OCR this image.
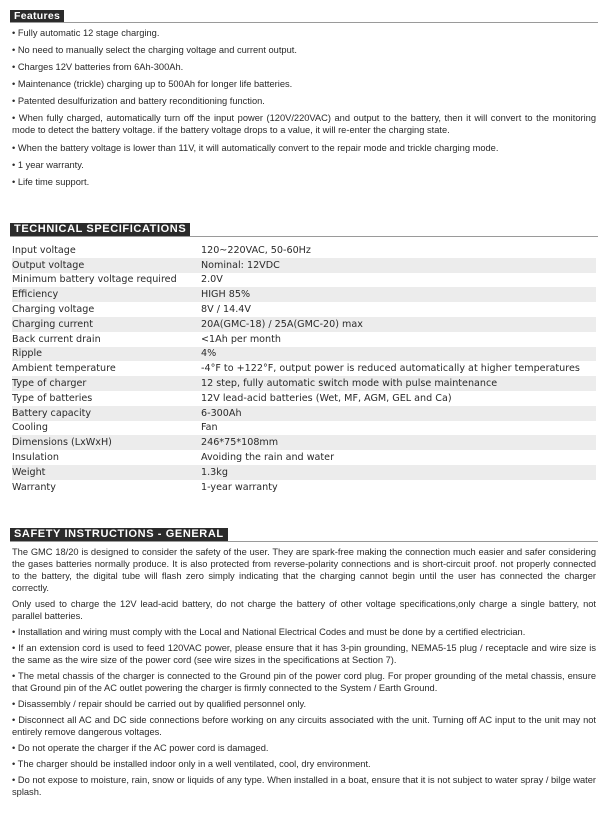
Features
• Fully automatic 12 stage charging.
• No need to manually select the charging voltage and current output.
• Charges 12V batteries from 6Ah-300Ah.
• Maintenance (trickle) charging up to 500Ah for longer life batteries.
• Patented desulfurization and battery reconditioning function.
• When fully charged, automatically turn off the input power (120V/220VAC) and output to the battery, then it will convert to the monitoring mode to detect the battery voltage. if the battery voltage drops to a value, it will re-enter the charging state.
• When the battery voltage is lower than 11V, it will automatically convert to the repair mode and trickle charging mode.
• 1 year warranty.
• Life time support.
TECHNICAL SPECIFICATIONS
Input voltage	120~220VAC, 50-60Hz
Output voltage	Nominal: 12VDC
Minimum battery voltage required	2.0V
Efficiency	HIGH 85%
Charging voltage	8V / 14.4V
Charging current	20A(GMC-18) / 25A(GMC-20) max
Back current drain	<1Ah per month
Ripple	4%
Ambient temperature	-4°F to +122°F, output power is reduced automatically at higher temperatures
Type of charger	12 step, fully automatic switch mode with pulse maintenance
Type of batteries	12V lead-acid batteries (Wet, MF, AGM, GEL and Ca)
Battery capacity	6-300Ah
Cooling	Fan
Dimensions (LxWxH)	246*75*108mm
Insulation	Avoiding the rain and water
Weight	1.3kg
Warranty	1-year warranty
SAFETY INSTRUCTIONS - GENERAL
The GMC 18/20 is designed to consider the safety of the user. They are spark-free making the connection much easier and safer considering the gases batteries normally produce. It is also protected from reverse-polarity connections and is short-circuit proof. not properly connected to the battery, the digital tube will flash zero simply indicating that the charging cannot begin until the user has connected the charger correctly.
Only used to charge the 12V lead-acid battery, do not charge the battery of other voltage specifications,only charge a single battery, not parallel batteries.
• Installation and wiring must comply with the Local and National Electrical Codes and must be done by a certified electrician.
• If an extension cord is used to feed 120VAC power, please ensure that it has 3-pin grounding, NEMA5-15 plug / receptacle and wire size is the same as the wire size of the power cord (see wire sizes in the specifications at Section 7).
• The metal chassis of the charger is connected to the Ground pin of the power cord plug. For proper grounding of the metal chassis, ensure that Ground pin of the AC outlet powering the charger is firmly connected to the System / Earth Ground.
• Disassembly / repair should be carried out by qualified personnel only.
• Disconnect all AC and DC side connections before working on any circuits associated with the unit. Turning off AC input to the unit may not entirely remove dangerous voltages.
• Do not operate the charger if the AC power cord is damaged.
• The charger should be installed indoor only in a well ventilated, cool, dry environment.
• Do not expose to moisture, rain, snow or liquids of any type. When installed in a boat, ensure that it is not subject to water spray / bilge water splash.
